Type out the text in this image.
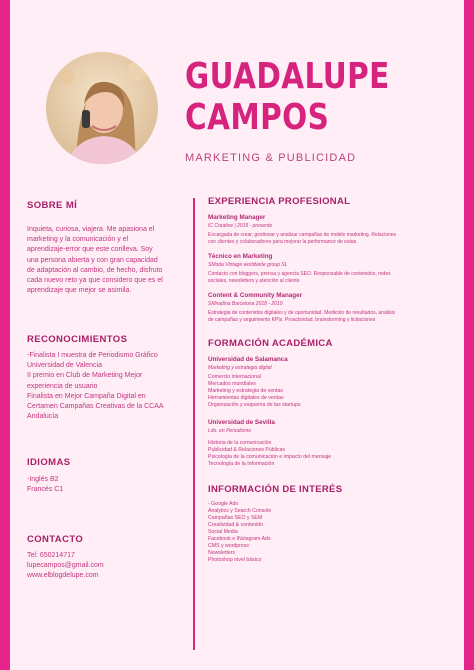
GUADALUPE
CAMPOS
MARKETING & PUBLICIDAD
SOBRE MÍ
Inquieta, curiosa, viajera. Me apasiona el
marketing y la comunicación y el
aprendizaje-error que este conlleva. Soy
una persona abierta y con gran capacidad
de adaptación al cambio, de hecho, disfruto
cada nuevo reto ya que considero que es el
aprendizaje que mejor se asimila.
RECONOCIMIENTOS
-Finalista I muestra de Periodismo Gráfico
Universidad de Valencia
II premio en Club de Marketing Mejor
experiencia de usuario
Finalista en Mejor Campaña Digital en
Certamen Campañas Creativas de la CCAA
Andalucía
IDIOMAS
-Inglés B2
Francés C1
CONTACTO
Tel: 650214717
lupecampos@gmail.com
www.elblogdelupe.com
EXPERIENCIA PROFESIONAL
Marketing Manager
IC Creative | 2019 - presente
Encargada de crear, gestionar y analizar campañas de mobile marketing. Relaciones
con clientes y colaboradores para mejorar la performance de estas.
Técnico en Marketing
SModa Vintage worldwide group SL
Contacto con bloggers, prensa y agencia SEO. Responsable de contenidos, redes
sociales, newsletters y atención al cliente.
Content & Community Manager
SMnadina Barcelona 2018 - 2019
Estrategia de contenidos digitales y de oportunidad. Medición de resultados, análisis
de campañas y seguimiento KPIs. Proactividad, brainstorming y licitaciones
FORMACIÓN ACADÉMICA
Universidad de Salamanca
Marketing y estrategia digital
Comercio internacional
Mercados mundiales
Marketing y estrategia de ventas
Herramientas digitales de ventas
Organización y esquema de las startups
Universidad de Sevilla
Ldo. en Periodismo
Historia de la comunicación
Publicidad & Relaciones Públicas
Psicología de la comunicación e impacto del mensaje
Tecnología de la Información
INFORMACIÓN DE INTERÉS
- Google Ads
Analytics y Search Console
Campañas SEO y SEM
Creatividad & contenido
Social Media
Facebook e INstagram Ads
CMS y wordpress
Newsletters
Photoshop nivel básico
